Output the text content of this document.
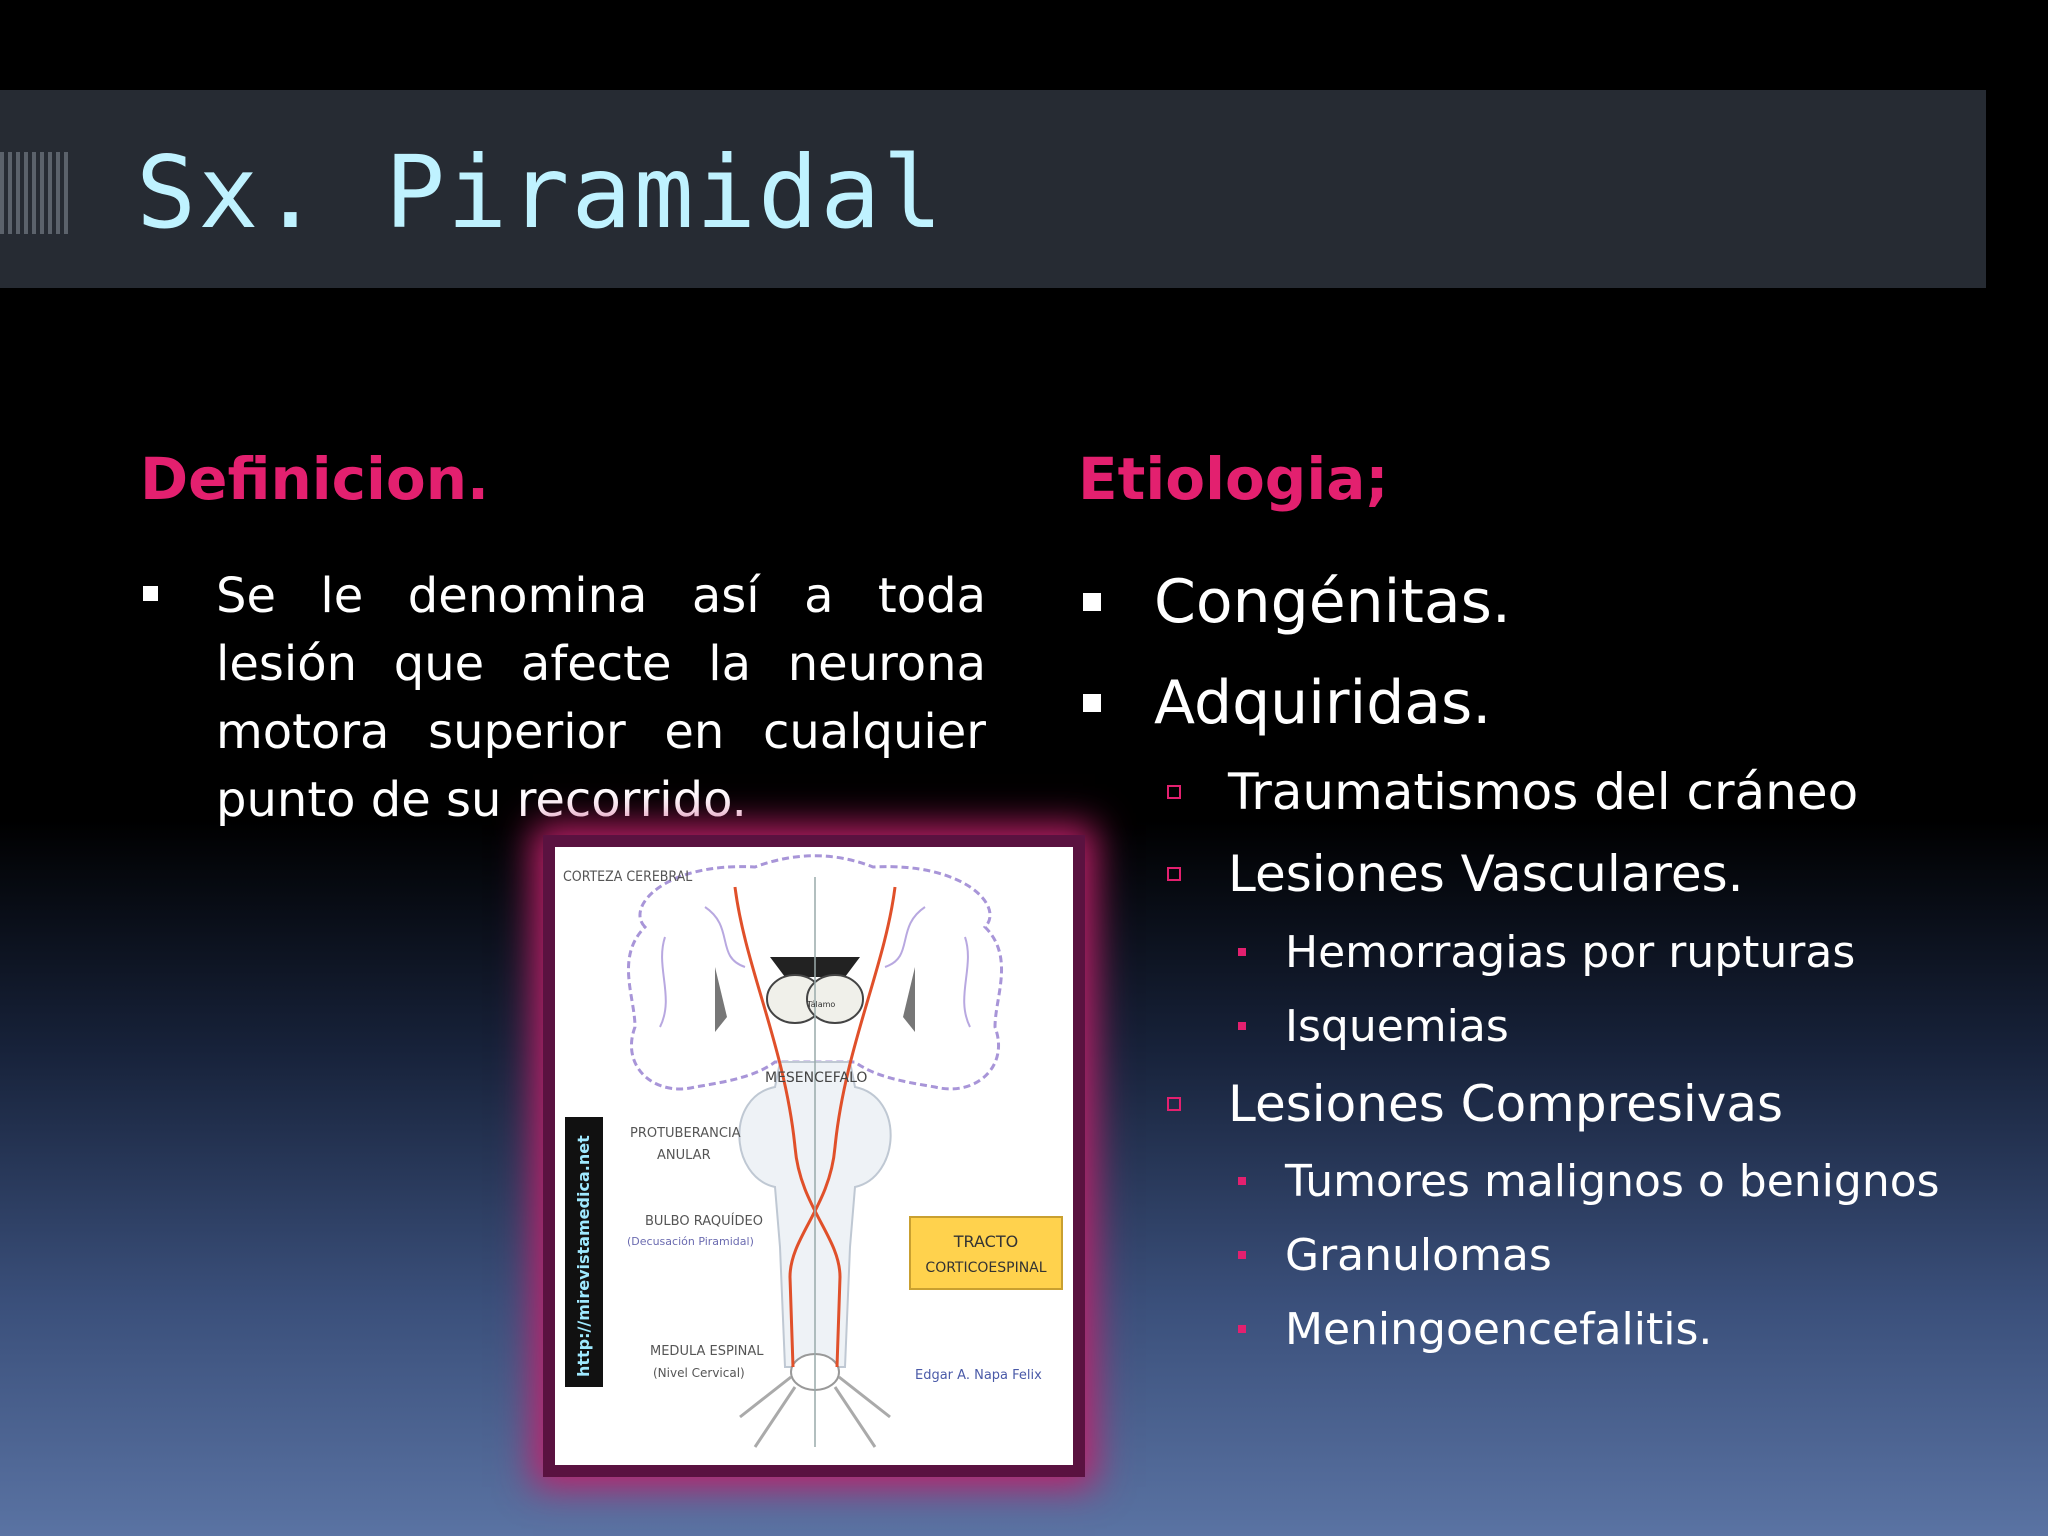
Sx. Piramidal
Definicion.

Se le denomina así a toda lesión que afecte la neurona motora superior en cualquier punto de su recorrido.

Etiologia;

Congénitas.

Adquiridas.

Traumatismos del cráneo

Lesiones Vasculares.

Hemorragias por rupturas

Isquemias

Lesiones Compresivas

Tumores malignos o benignos

Granulomas

Meningoencefalitis.

http://mirevistamedica.net
CORTEZA CEREBRAL
Tálamo
MESENCEFALO
PROTUBERANCIA
ANULAR
BULBO RAQUÍDEO
(Decusación Piramidal)
MEDULA ESPINAL
(Nivel Cervical)
TRACTO
CORTICOESPINAL
Edgar A. Napa Felix
